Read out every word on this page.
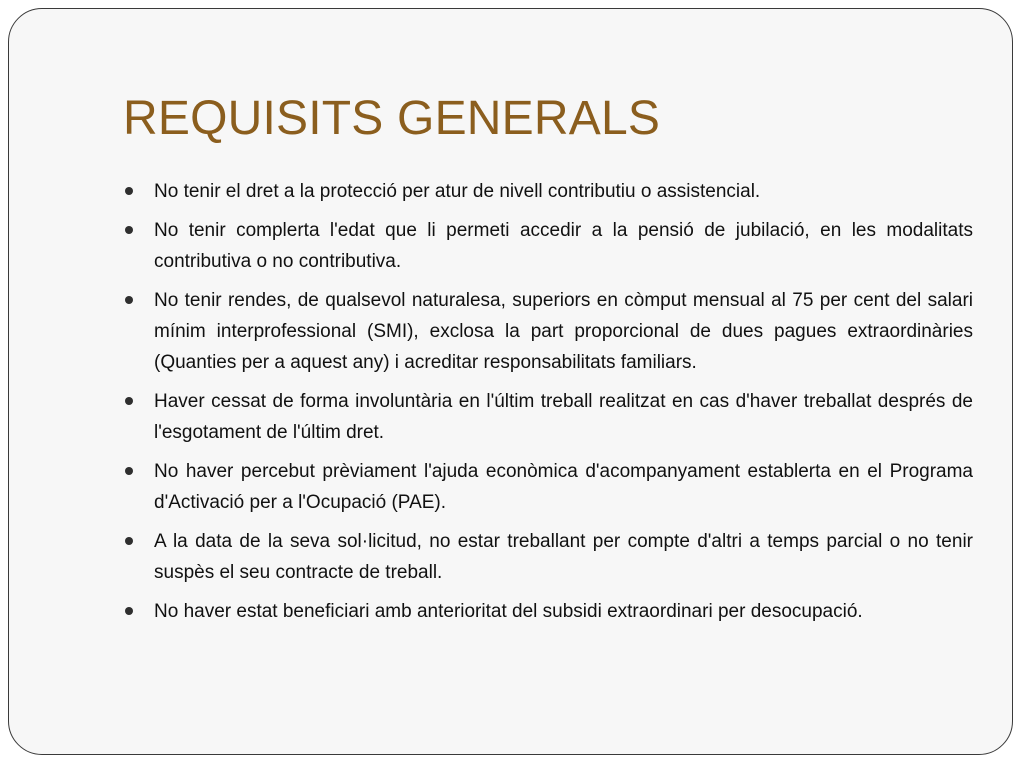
REQUISITS GENERALS
No tenir el dret a la protecció per atur de nivell contributiu o assistencial.
No tenir complerta l'edat que li permeti accedir a la pensió de jubilació, en les modalitats contributiva o no contributiva.
No tenir rendes, de qualsevol naturalesa, superiors en còmput mensual al 75 per cent del salari mínim interprofessional (SMI), exclosa la part proporcional de dues pagues extraordinàries (Quanties per a aquest any) i acreditar responsabilitats familiars.
Haver cessat de forma involuntària en l'últim treball realitzat en cas d'haver treballat després de l'esgotament de l'últim dret.
No haver percebut prèviament l'ajuda econòmica d'acompanyament establerta en el Programa d'Activació per a l'Ocupació (PAE).
A la data de la seva sol·licitud, no estar treballant per compte d'altri a temps parcial o no tenir suspès el seu contracte de treball.
No haver estat beneficiari amb anterioritat del subsidi extraordinari per desocupació.
